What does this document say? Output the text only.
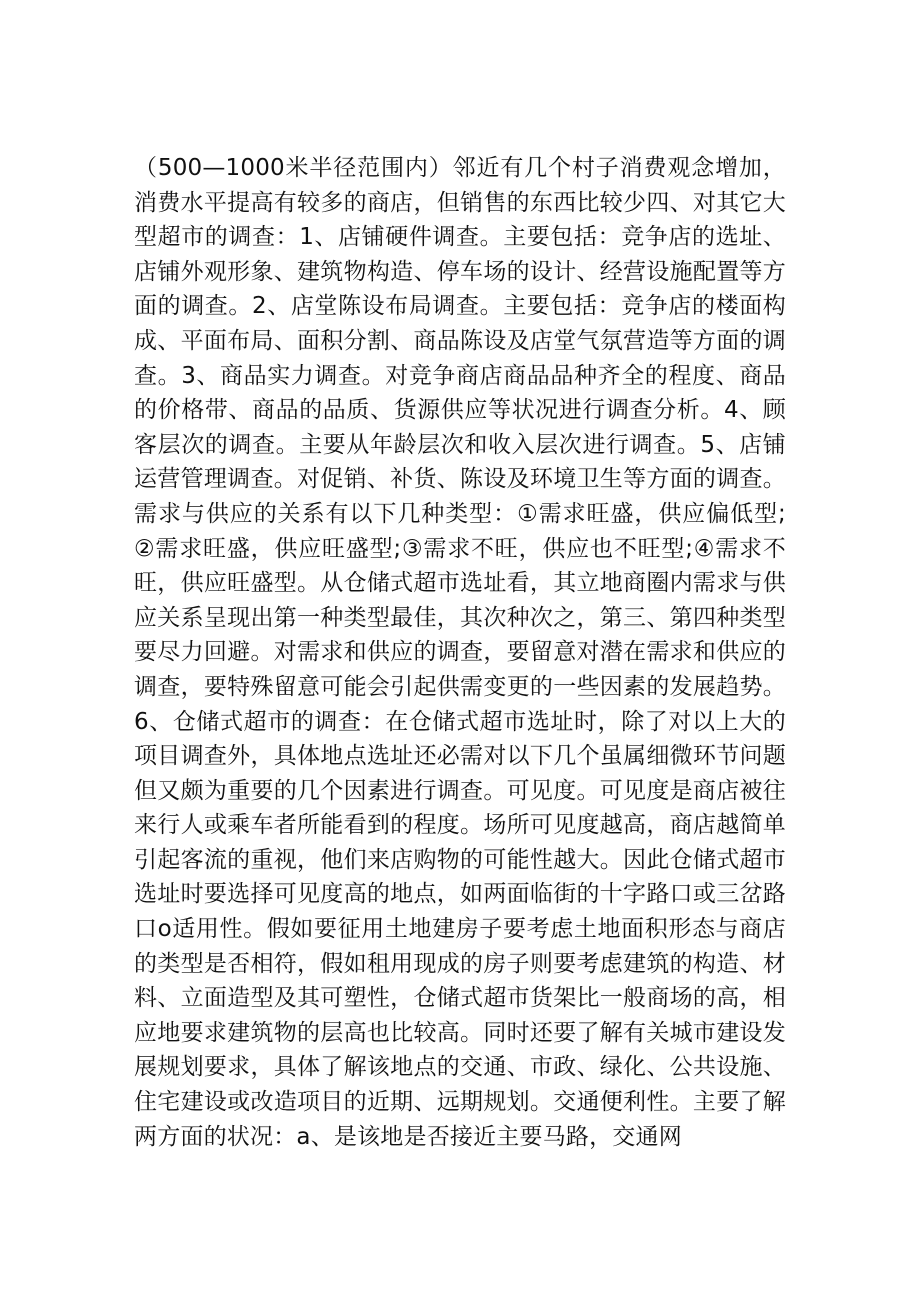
（500—1000米半径范围内）邻近有几个村子消费观念增加，消费水平提高有较多的商店，但销售的东西比较少四、对其它大型超市的调查：1、店铺硬件调查。主要包括：竞争店的选址、店铺外观形象、建筑物构造、停车场的设计、经营设施配置等方面的调查。2、店堂陈设布局调查。主要包括：竞争店的楼面构成、平面布局、面积分割、商品陈设及店堂气氛营造等方面的调查。3、商品实力调查。对竞争商店商品品种齐全的程度、商品的价格带、商品的品质、货源供应等状况进行调查分析。4、顾客层次的调查。主要从年龄层次和收入层次进行调查。5、店铺运营管理调查。对促销、补货、陈设及环境卫生等方面的调查。需求与供应的关系有以下几种类型：①需求旺盛，供应偏低型;②需求旺盛，供应旺盛型;③需求不旺，供应也不旺型;④需求不旺，供应旺盛型。从仓储式超市选址看，其立地商圈内需求与供应关系呈现出第一种类型最佳，其次种次之，第三、第四种类型要尽力回避。对需求和供应的调查，要留意对潜在需求和供应的调查，要特殊留意可能会引起供需变更的一些因素的发展趋势。6、仓储式超市的调查：在仓储式超市选址时，除了对以上大的项目调查外，具体地点选址还必需对以下几个虽属细微环节问题但又颇为重要的几个因素进行调查。可见度。可见度是商店被往来行人或乘车者所能看到的程度。场所可见度越高，商店越简单引起客流的重视，他们来店购物的可能性越大。因此仓储式超市选址时要选择可见度高的地点，如两面临街的十字路口或三岔路口o适用性。假如要征用土地建房子要考虑土地面积形态与商店的类型是否相符，假如租用现成的房子则要考虑建筑的构造、材料、立面造型及其可塑性，仓储式超市货架比一般商场的高，相应地要求建筑物的层高也比较高。同时还要了解有关城市建设发展规划要求，具体了解该地点的交通、市政、绿化、公共设施、住宅建设或改造项目的近期、远期规划。交通便利性。主要了解两方面的状况：a、是该地是否接近主要马路，交通网
